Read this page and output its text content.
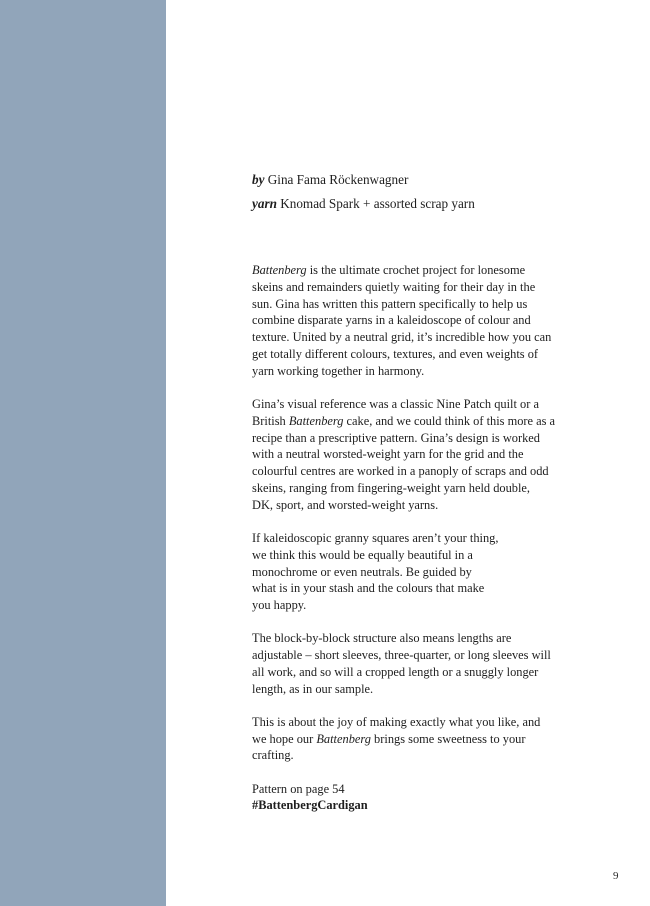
by Gina Fama Röckenwagner
yarn Knomad Spark + assorted scrap yarn

Battenberg is the ultimate crochet project for lonesome
skeins and remainders quietly waiting for their day in the
sun. Gina has written this pattern specifically to help us
combine disparate yarns in a kaleidoscope of colour and
texture. United by a neutral grid, it’s incredible how you can
get totally different colours, textures, and even weights of
yarn working together in harmony.

Gina’s visual reference was a classic Nine Patch quilt or a
British Battenberg cake, and we could think of this more as a
recipe than a prescriptive pattern. Gina’s design is worked
with a neutral worsted-weight yarn for the grid and the
colourful centres are worked in a panoply of scraps and odd
skeins, ranging from fingering-weight yarn held double,
DK, sport, and worsted-weight yarns.

If kaleidoscopic granny squares aren’t your thing,
we think this would be equally beautiful in a
monochrome or even neutrals. Be guided by
what is in your stash and the colours that make
you happy.

The block-by-block structure also means lengths are
adjustable – short sleeves, three-quarter, or long sleeves will
all work, and so will a cropped length or a snuggly longer
length, as in our sample.

This is about the joy of making exactly what you like, and
we hope our Battenberg brings some sweetness to your
crafting.

Pattern on page 54
#BattenbergCardigan

9
